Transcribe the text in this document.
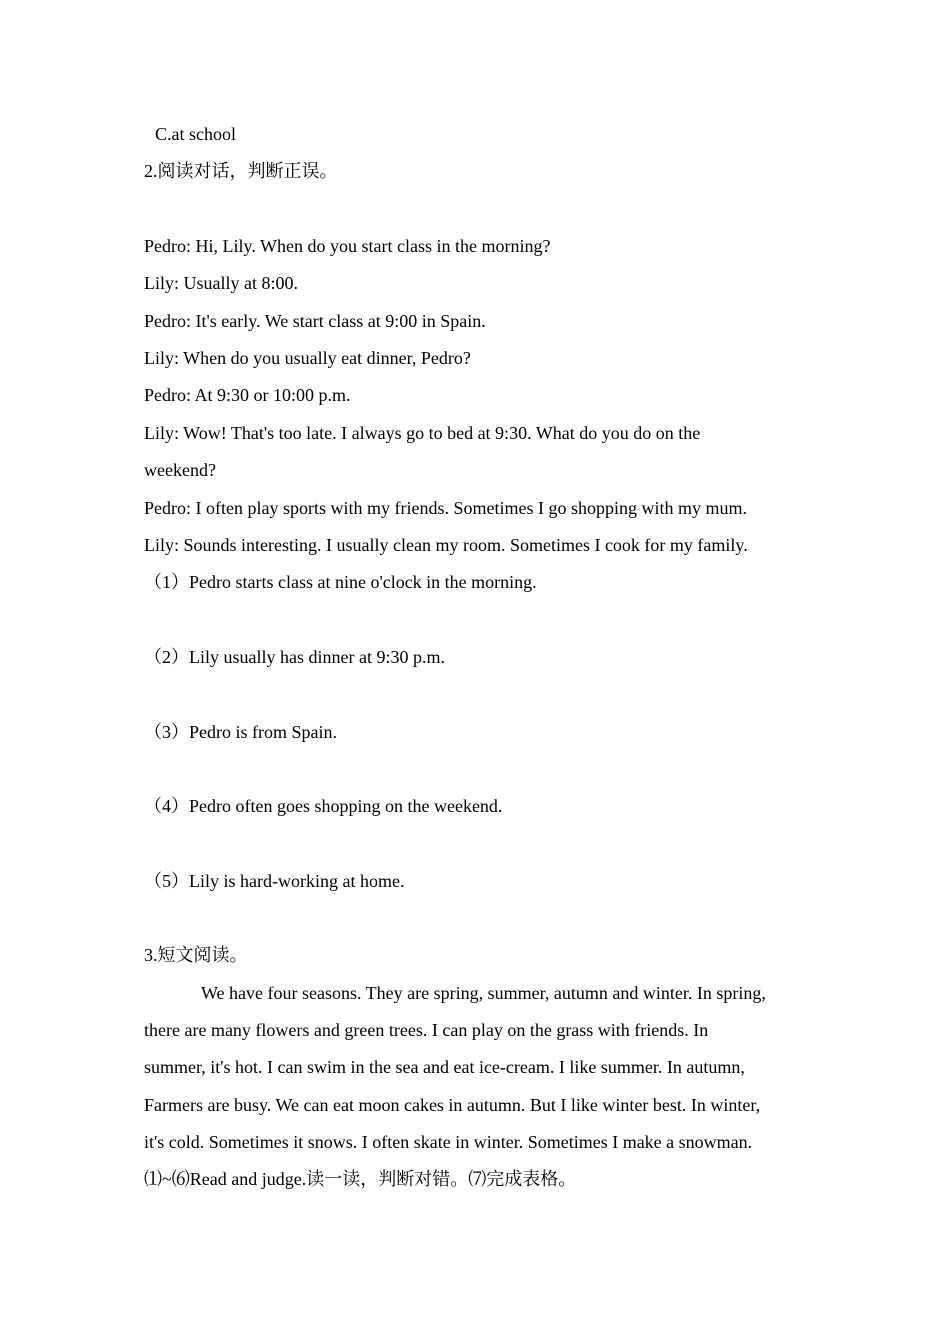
C.at school
2.阅读对话，判断正误。
Pedro: Hi, Lily. When do you start class in the morning?
Lily: Usually at 8:00.
Pedro: It's early. We start class at 9:00 in Spain.
Lily: When do you usually eat dinner, Pedro?
Pedro: At 9:30 or 10:00 p.m.
Lily: Wow! That's too late. I always go to bed at 9:30. What do you do on the
weekend?
Pedro: I often play sports with my friends. Sometimes I go shopping with my mum.
Lily: Sounds interesting. I usually clean my room. Sometimes I cook for my family.
（1）Pedro starts class at nine o'clock in the morning.
（2）Lily usually has dinner at 9:30 p.m.
（3）Pedro is from Spain.
（4）Pedro often goes shopping on the weekend.
（5）Lily is hard-working at home.
3.短文阅读。
We have four seasons. They are spring, summer, autumn and winter. In spring,
there are many flowers and green trees. I can play on the grass with friends. In
summer, it's hot. I can swim in the sea and eat ice-cream. I like summer. In autumn,
Farmers are busy. We can eat moon cakes in autumn. But I like winter best. In winter,
it's cold. Sometimes it snows. I often skate in winter. Sometimes I make a snowman.
⑴~⑹Read and judge.读一读，判断对错。⑺完成表格。
